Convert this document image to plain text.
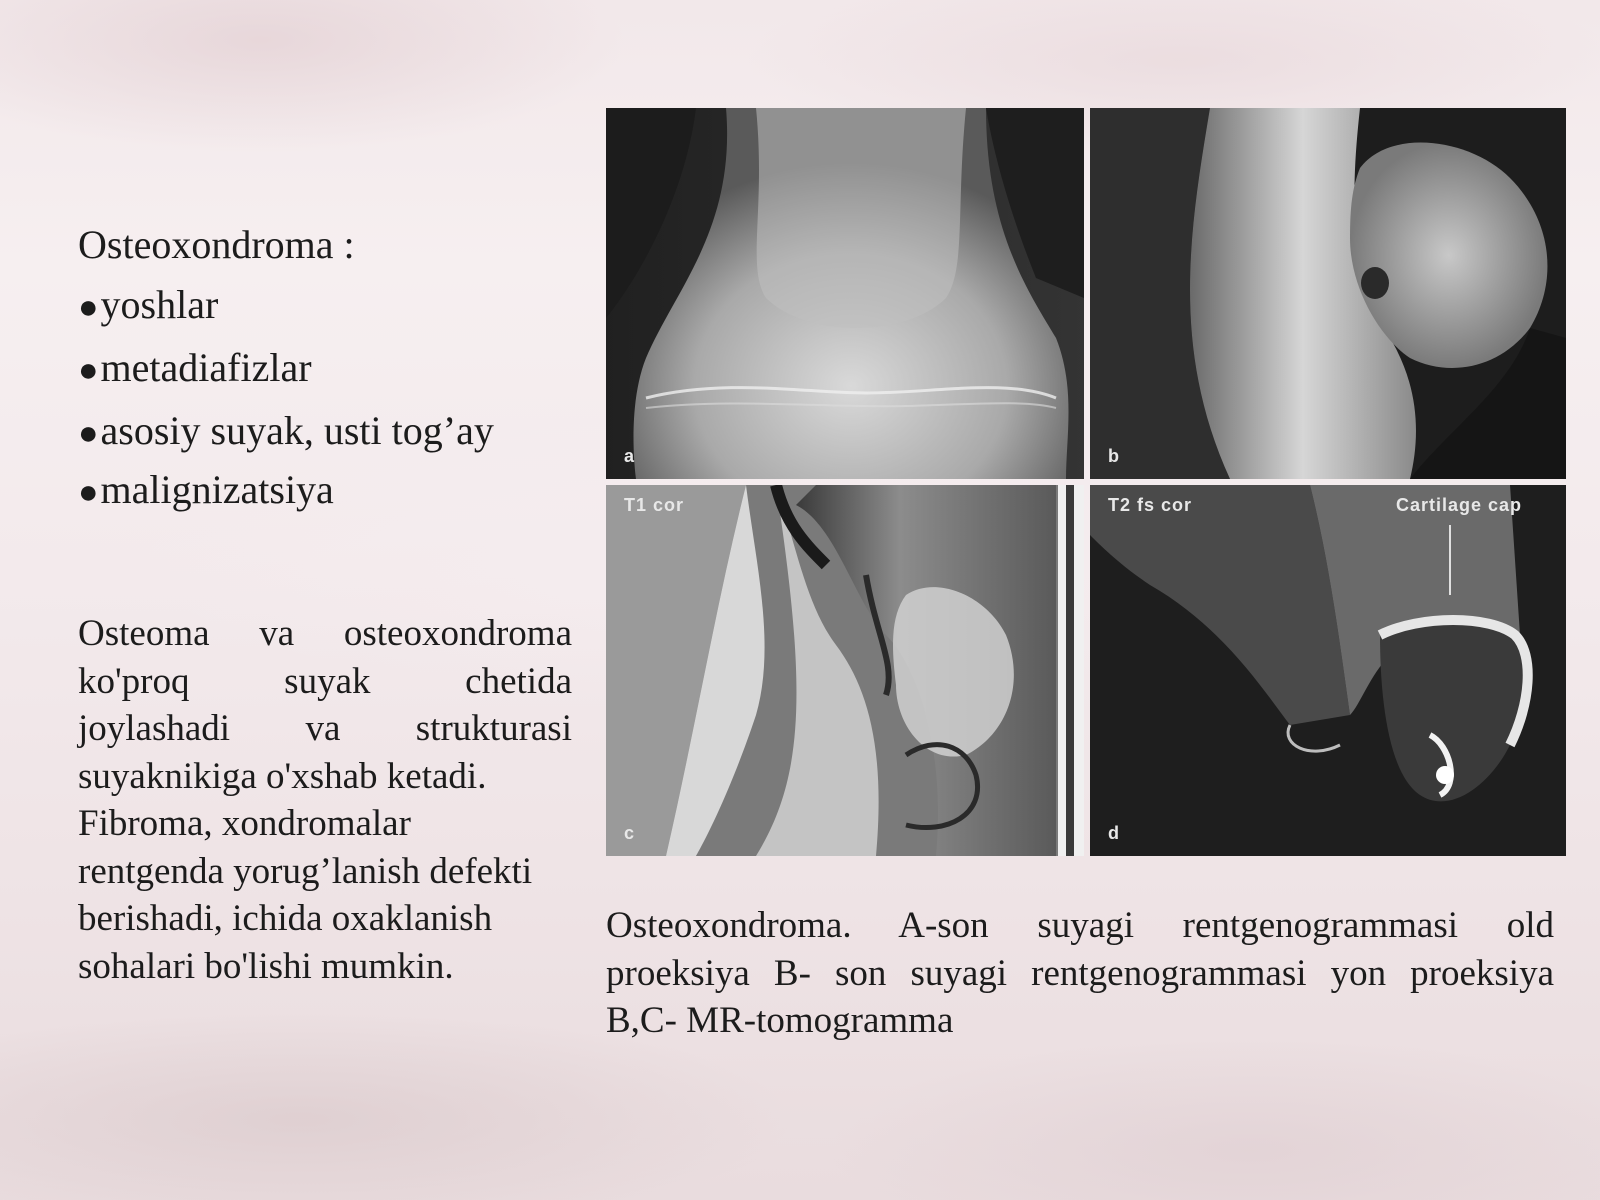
Osteoxondroma :
● yoshlar
● metadiafizlar
● asosiy suyak, usti tog’ay
● malignizatsiya
Osteoma va osteoxondroma
ko'proq suyak chetida
joylashadi va strukturasi
suyaknikiga o'xshab ketadi.
Fibroma, xondromalar
rentgenda yorug’lanish defekti
berishadi, ichida oxaklanish
sohalari bo'lishi mumkin.
a	b
T1 cor
c
T2 fs cor	Cartilage cap
d
Osteoxondroma. A-son suyagi rentgenogrammasi old
proeksiya B- son suyagi rentgenogrammasi yon proeksiya
B,C- MR-tomogramma
